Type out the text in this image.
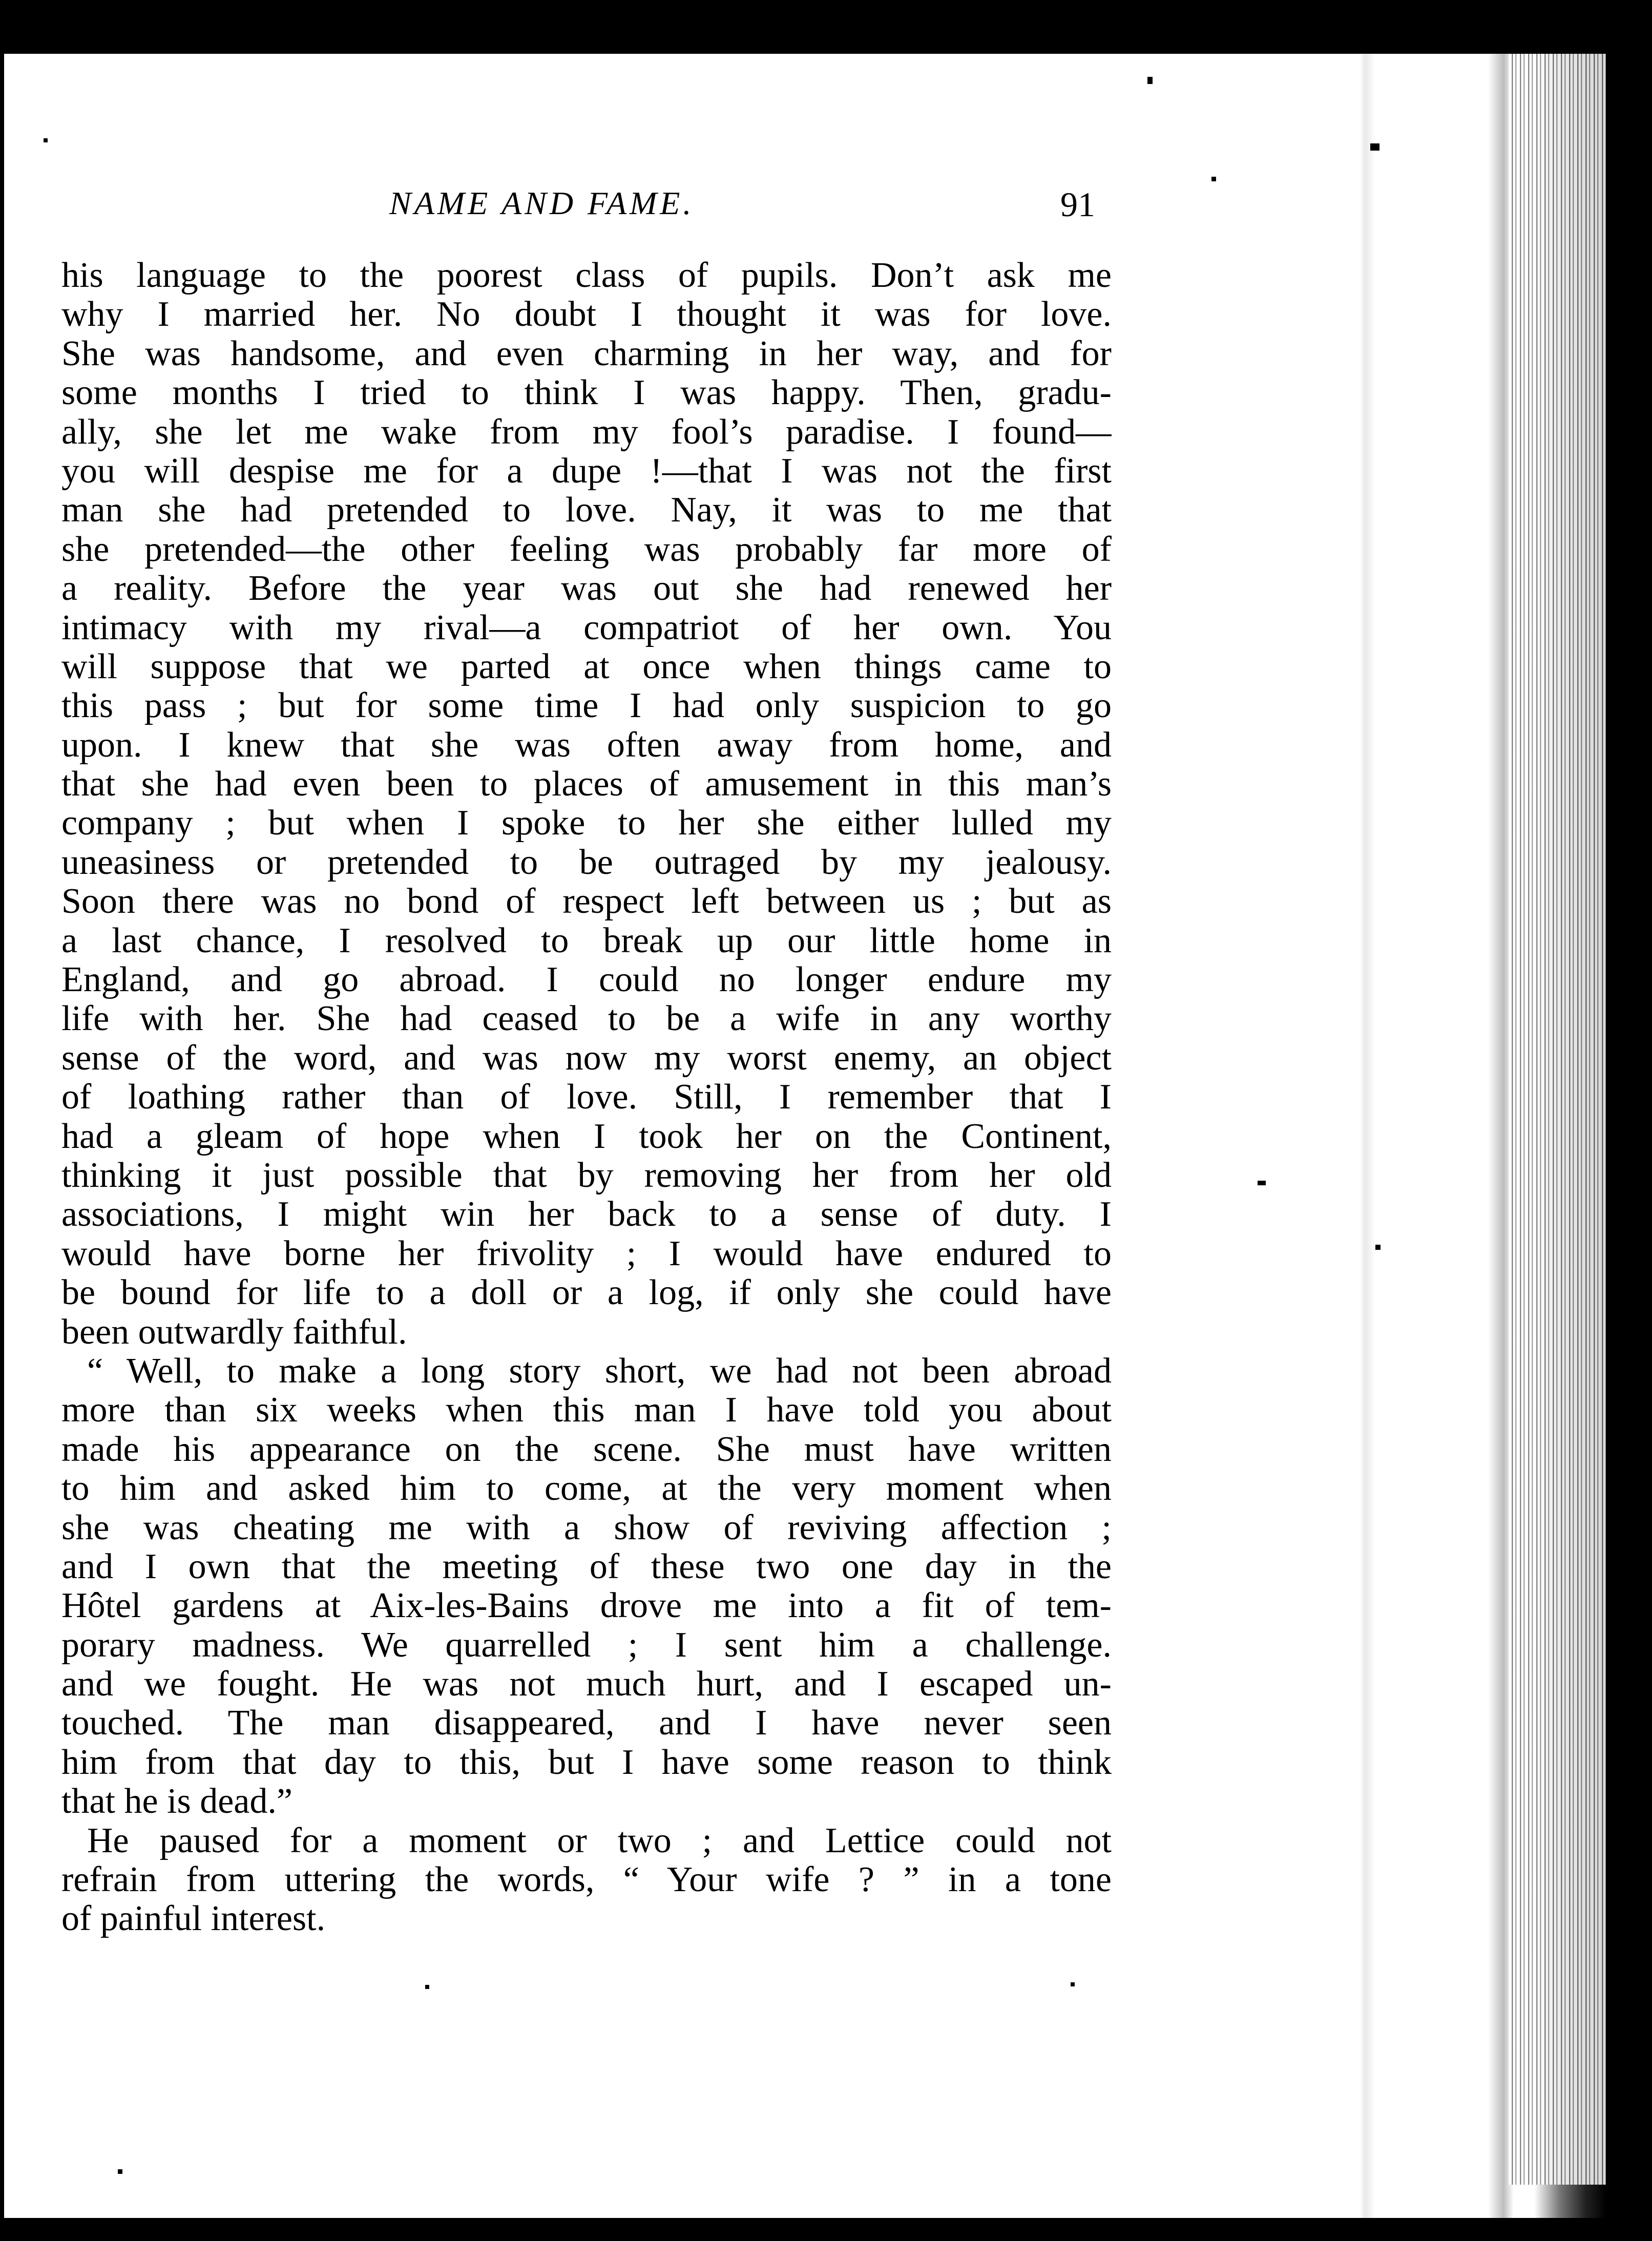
NAME AND FAME.	91
his language to the poorest class of pupils. Don’t ask me
why I married her. No doubt I thought it was for love.
She was handsome, and even charming in her way, and for
some months I tried to think I was happy. Then, gradu-
ally, she let me wake from my fool’s paradise. I found—
you will despise me for a dupe !—that I was not the first
man she had pretended to love. Nay, it was to me that
she pretended—the other feeling was probably far more of
a reality. Before the year was out she had renewed her
intimacy with my rival—a compatriot of her own. You
will suppose that we parted at once when things came to
this pass ; but for some time I had only suspicion to go
upon. I knew that she was often away from home, and
that she had even been to places of amusement in this man’s
company ; but when I spoke to her she either lulled my
uneasiness or pretended to be outraged by my jealousy.
Soon there was no bond of respect left between us ; but as
a last chance, I resolved to break up our little home in
England, and go abroad. I could no longer endure my
life with her. She had ceased to be a wife in any worthy
sense of the word, and was now my worst enemy, an object
of loathing rather than of love. Still, I remember that I
had a gleam of hope when I took her on the Continent,
thinking it just possible that by removing her from her old
associations, I might win her back to a sense of duty. I
would have borne her frivolity ; I would have endured to
be bound for life to a doll or a log, if only she could have
been outwardly faithful.
“ Well, to make a long story short, we had not been abroad
more than six weeks when this man I have told you about
made his appearance on the scene. She must have written
to him and asked him to come, at the very moment when
she was cheating me with a show of reviving affection ;
and I own that the meeting of these two one day in the
Hôtel gardens at Aix-les-Bains drove me into a fit of tem-
porary madness. We quarrelled ; I sent him a challenge.
and we fought. He was not much hurt, and I escaped un-
touched. The man disappeared, and I have never seen
him from that day to this, but I have some reason to think
that he is dead.”
He paused for a moment or two ; and Lettice could not
refrain from uttering the words, “ Your wife ? ” in a tone
of painful interest.
